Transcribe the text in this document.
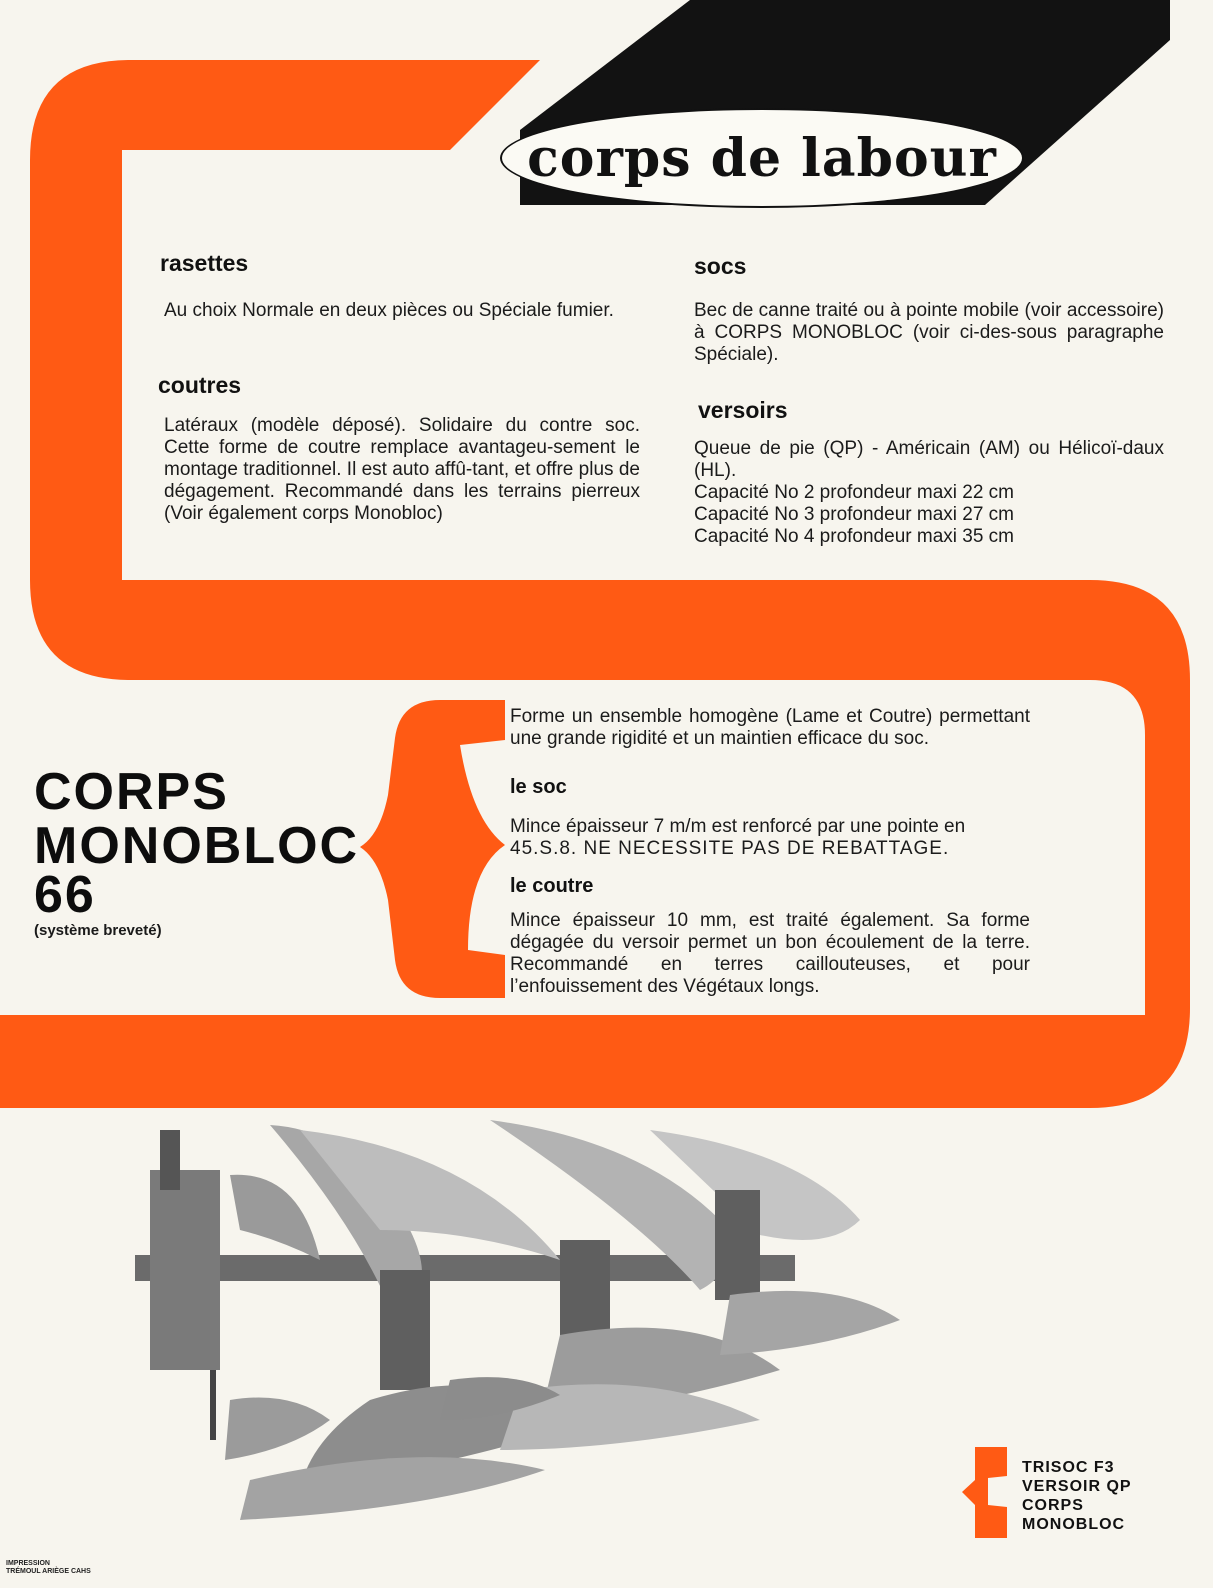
corps de labour
rasettes
Au choix Normale en deux pièces ou Spéciale fumier.
coutres
Latéraux (modèle déposé). Solidaire du contre soc. Cette forme de coutre remplace avantageu-sement le montage traditionnel. Il est auto affû-tant, et offre plus de dégagement. Recommandé dans les terrains pierreux (Voir également corps Monobloc)
socs
Bec de canne traité ou à pointe mobile (voir accessoire) à CORPS MONOBLOC (voir ci-des-sous paragraphe Spéciale).
versoirs
Queue de pie (QP) - Américain (AM) ou Hélicoï-daux (HL).
Capacité No 2 profondeur maxi 22 cm
Capacité No 3 profondeur maxi 27 cm
Capacité No 4 profondeur maxi 35 cm
CORPS
MONOBLOC
66
(système breveté)
Forme un ensemble homogène (Lame et Coutre) permettant une grande rigidité et un maintien efficace du soc.
le soc
Mince épaisseur 7 m/m est renforcé par une pointe en
45.S.8. NE NECESSITE PAS DE REBATTAGE.
le coutre
Mince épaisseur 10 mm, est traité également. Sa forme dégagée du versoir permet un bon écoulement de la terre. Recommandé en terres caillouteuses, et pour l’enfouissement des Végétaux longs.
TRISOC F3
VERSOIR QP
CORPS
MONOBLOC
IMPRESSION
TRÉMOUL ARIÈGE CAHS
